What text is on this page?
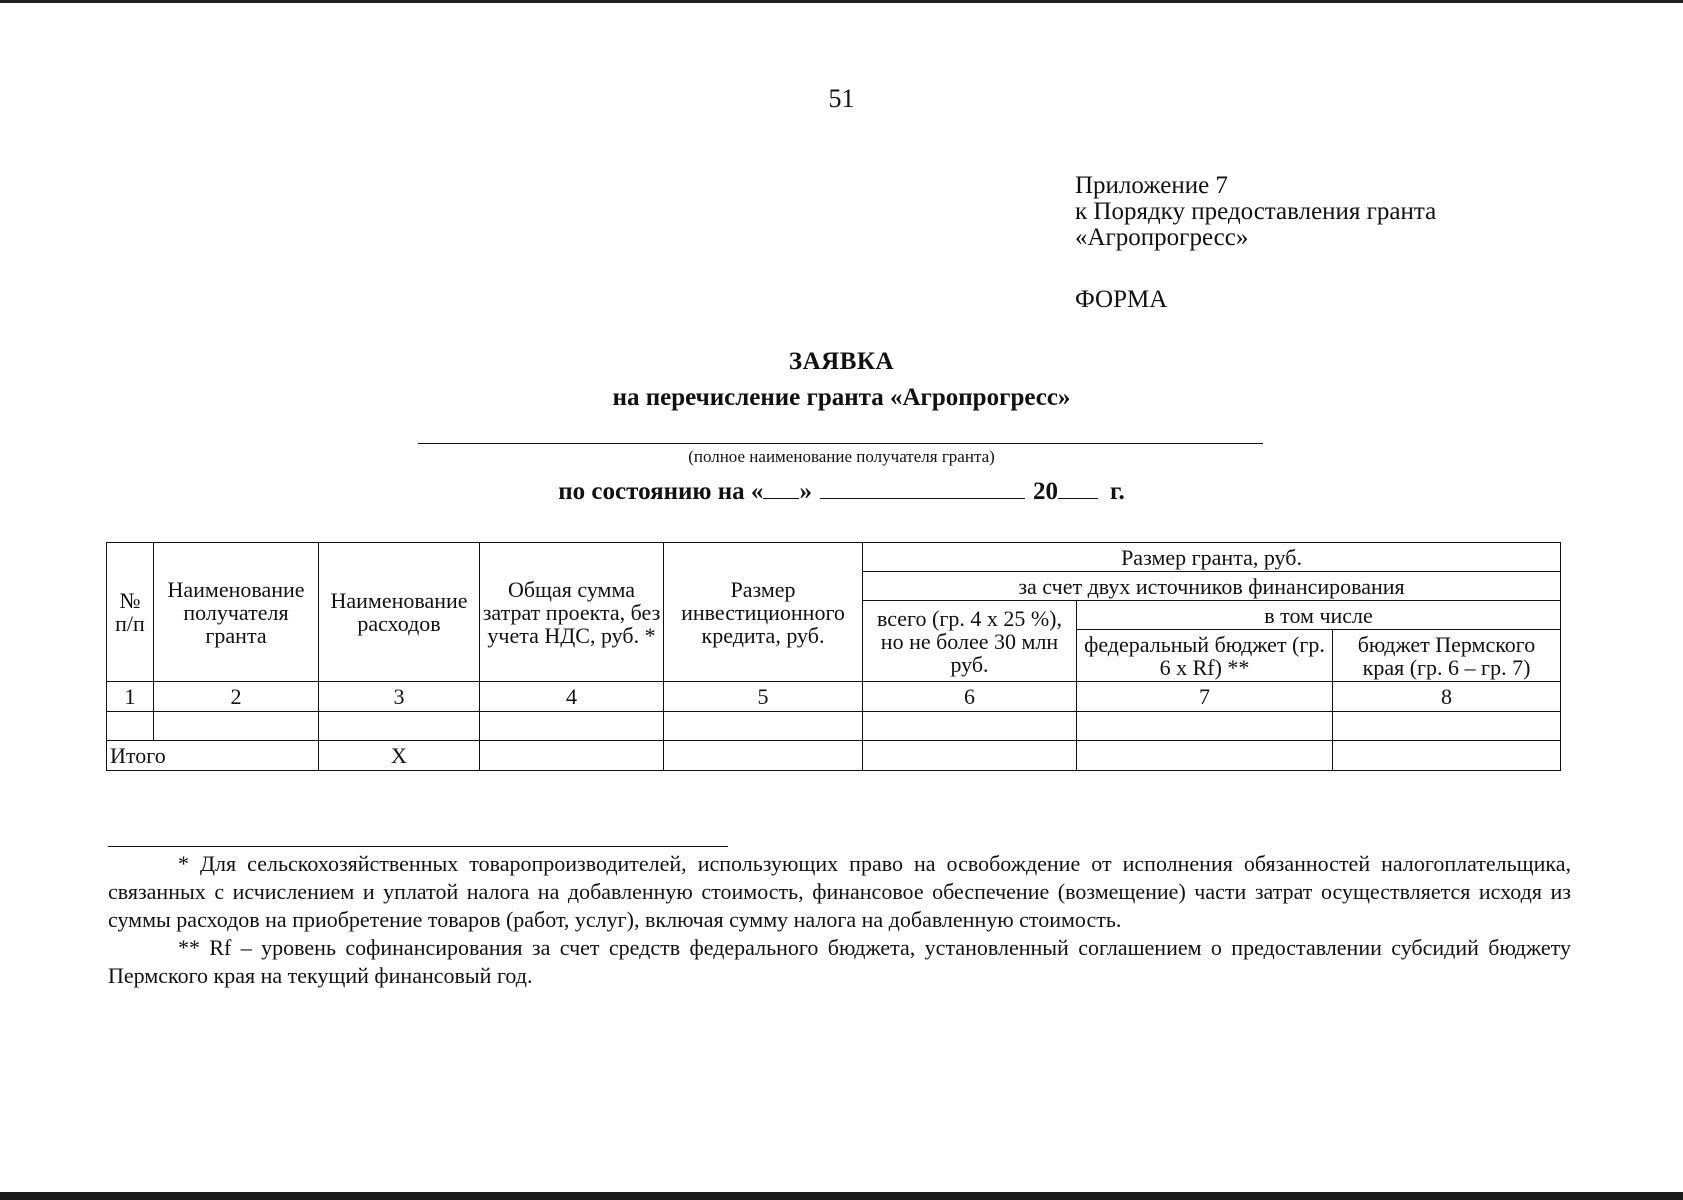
51
Приложение 7
к Порядку предоставления гранта
«Агропрогресс»
ФОРМА
ЗАЯВКА
на перечисление гранта «Агропрогресс»
(полное наименование получателя гранта)
по состоянию на « »	20 г.
№ п/п	Наименование получателя гранта	Наименование расходов	Общая сумма затрат проекта, без учета НДС, руб. *	Размер инвестиционного кредита, руб.	Размер гранта, руб.		
					за счет двух источников финансирования		
					всего (гр. 4 x 25 %), но не более 30 млн руб.	в том числе	
						федеральный бюджет (гр. 6 x Rf) **	бюджет Пермского края (гр. 6 – гр. 7)
1	2	3	4	5	6	7	8

Итого		X					

* Для сельскохозяйственных товаропроизводителей, использующих право на освобождение от исполнения обязанностей налогоплательщика, связанных с исчислением и уплатой налога на добавленную стоимость, финансовое обеспечение (возмещение) части затрат осуществляется исходя из суммы расходов на приобретение товаров (работ, услуг), включая сумму налога на добавленную стоимость.

** Rf – уровень софинансирования за счет средств федерального бюджета, установленный соглашением о предоставлении субсидий бюджету Пермского края на текущий финансовый год.
